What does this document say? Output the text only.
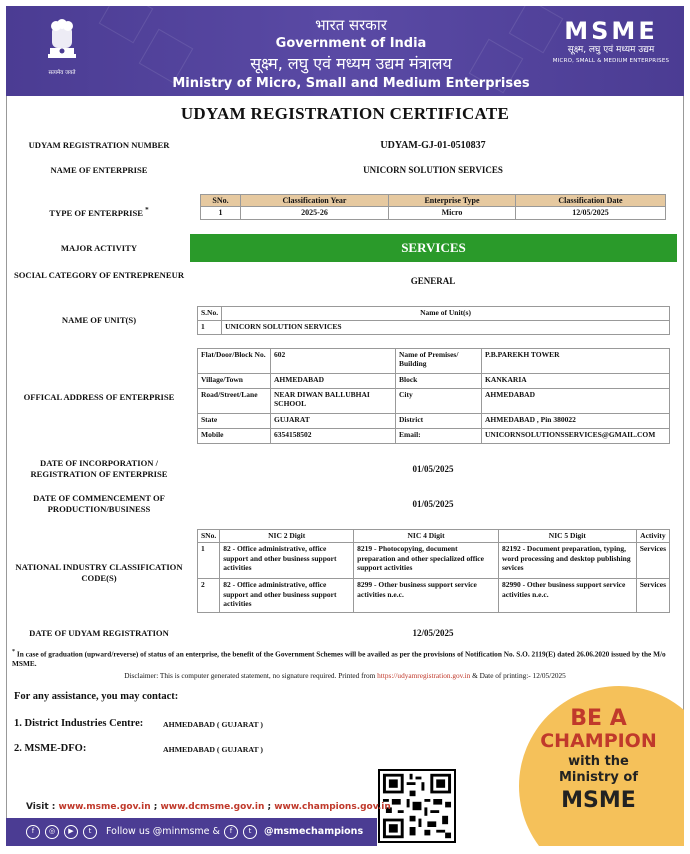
सत्यमेव जयते
भारत सरकार
Government of India
सूक्ष्म, लघु एवं मध्यम उद्यम मंत्रालय
Ministry of Micro, Small and Medium Enterprises
MSME
सूक्ष्म, लघु एवं मध्यम उद्यम
MICRO, SMALL & MEDIUM ENTERPRISES
UDYAM REGISTRATION CERTIFICATE
UDYAM REGISTRATION NUMBER	UDYAM-GJ-01-0510837
NAME OF ENTERPRISE	UNICORN SOLUTION SERVICES
TYPE OF ENTERPRISE *
SNo.	Classification Year	Enterprise Type	Classification Date
1	2025-26	Micro	12/05/2025
MAJOR ACTIVITY	SERVICES
SOCIAL CATEGORY OF ENTREPRENEUR
GENERAL
NAME OF UNIT(S)
S.No.	Name of Unit(s)
1	UNICORN SOLUTION SERVICES
OFFICAL ADDRESS OF ENTERPRISE
Flat/Door/Block No.	602	Name of Premises/ Building	P.B.PAREKH TOWER
Village/Town	AHMEDABAD	Block	KANKARIA
Road/Street/Lane	NEAR DIWAN BALLUBHAI SCHOOL	City	AHMEDABAD
State	GUJARAT	District	AHMEDABAD , Pin 380022
Mobile	6354158502	Email:	UNICORNSOLUTIONSSERVICES@GMAIL.COM
DATE OF INCORPORATION / REGISTRATION OF ENTERPRISE	01/05/2025
DATE OF COMMENCEMENT OF PRODUCTION/BUSINESS	01/05/2025
NATIONAL INDUSTRY CLASSIFICATION CODE(S)
SNo.	NIC 2 Digit	NIC 4 Digit	NIC 5 Digit	Activity
1	82 - Office administrative, office support and other business support activities	8219 - Photocopying, document preparation and other specialized office support activities	82192 - Document preparation, typing, word processing and desktop publishing sevices	Services
2	82 - Office administrative, office support and other business support activities	8299 - Other business support service activities n.e.c.	82990 - Other business support service activities n.e.c.	Services
DATE OF UDYAM REGISTRATION	12/05/2025
* In case of graduation (upward/reverse) of status of an enterprise, the benefit of the Government Schemes will be availed as per the provisions of Notification No. S.O. 2119(E) dated 26.06.2020 issued by the M/o MSME.
Disclaimer: This is computer generated statement, no signature required. Printed from https://udyamregistration.gov.in & Date of printing:- 12/05/2025
For any assistance, you may contact:
1. District Industries Centre:	AHMEDABAD ( GUJARAT )
2. MSME-DFO:	AHMEDABAD ( GUJARAT )
BE A
CHAMPION
with the
Ministry of
MSME
Visit : www.msme.gov.in ; www.dcmsme.gov.in ; www.champions.gov.in
f	◎	▶	t	Follow us @minmsme &	f	t	@msmechampions
